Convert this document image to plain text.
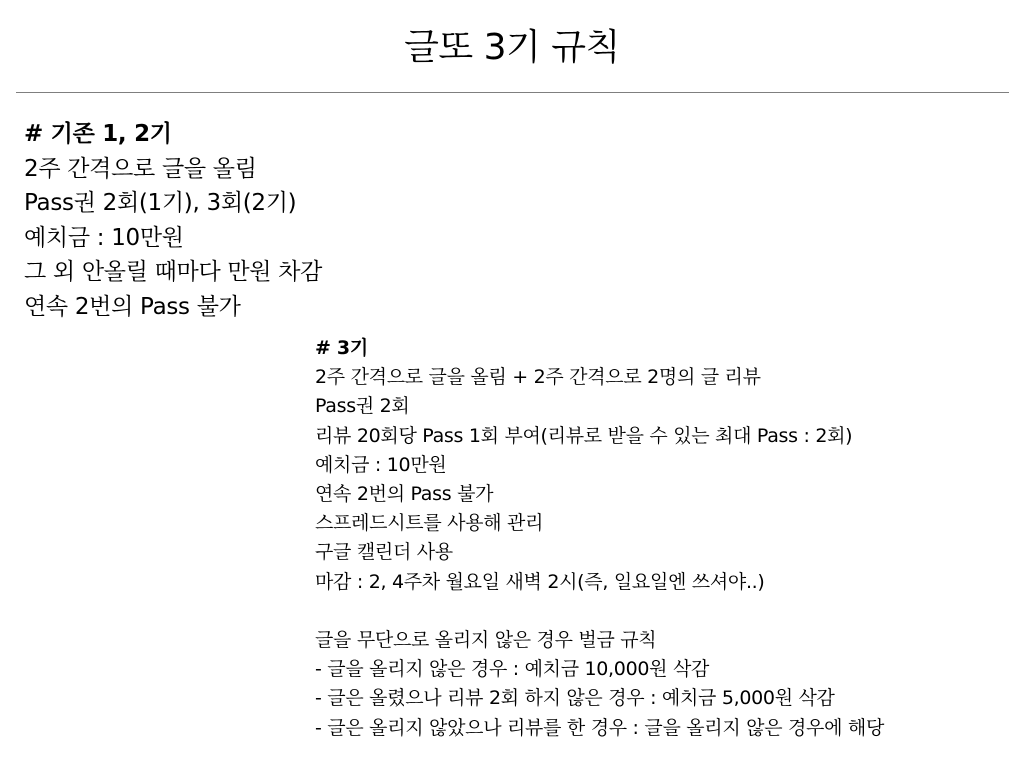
글또 3기 규칙
# 기존 1, 2기
2주 간격으로 글을 올림
Pass권 2회(1기), 3회(2기)
예치금 : 10만원
그 외 안올릴 때마다 만원 차감
연속 2번의 Pass 불가
# 3기
2주 간격으로 글을 올림 + 2주 간격으로 2명의 글 리뷰
Pass권 2회
리뷰 20회당 Pass 1회 부여(리뷰로 받을 수 있는 최대 Pass : 2회)
예치금 : 10만원
연속 2번의 Pass 불가
스프레드시트를 사용해 관리
구글 캘린더 사용
마감 : 2, 4주차 월요일 새벽 2시(즉, 일요일엔 쓰셔야..)
글을 무단으로 올리지 않은 경우 벌금 규칙
- 글을 올리지 않은 경우 : 예치금 10,000원 삭감
- 글은 올렸으나 리뷰 2회 하지 않은 경우 : 예치금 5,000원 삭감
- 글은 올리지 않았으나 리뷰를 한 경우 : 글을 올리지 않은 경우에 해당
